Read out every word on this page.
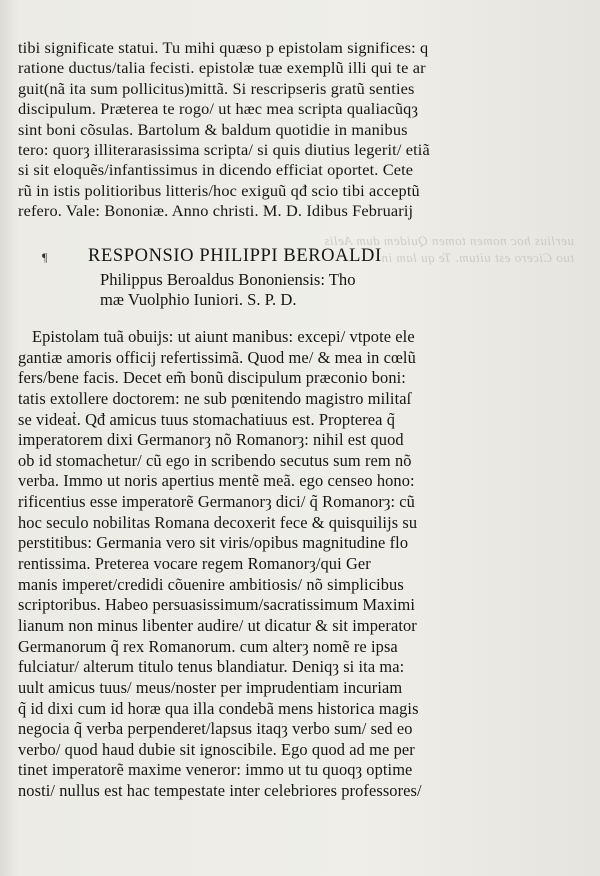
uerlius hoc nomen tomen Quidem dum Aelis
tuo Cicero est uitum. Te qu lam in
tibi significate statui. Tu mihi quæso p epistolam significes: q
ratione ductus/talia fecisti. epistolæ tuæ exemplũ illi qui te ar
guit(nã ita sum pollicitus)mittã. Si rescripseris gratũ senties
discipulum. Præterea te rogo/ ut hæc mea scripta qualiacũqȝ
sint boni cõsulas. Bartolum & baldum quotidie in manibus
tero: quorȝ illiterarasissima scripta/ si quis diutius legerit/ etiã
si sit eloquẽs/infantissimus in dicendo efficiat oportet. Cete
rũ in istis politioribus litteris/hoc exiguũ qđ scio tibi acceptũ
refero. Vale: Bononiæ. Anno christi. M. D. Idibus Februarij
¶ RESPONSIO PHILIPPI BEROALDI
Philippus Beroaldus Bononiensis: Tho
mæ Vuolphio Iuniori. S. P. D.
Epistolam tuã obuijs: ut aiunt manibus: excepi/ vtpote ele
gantiæ amoris officij refertissimã. Quod me/ & mea in cœlũ
fers/bene facis. Decet em̃ bonũ discipulum præconio boni:
tatis extollere doctorem: ne sub pœnitendo magistro militaſ
se videaṫ. Qđ amicus tuus stomachatiuus est. Propterea q̃
imperatorem dixi Germanorȝ nõ Romanorȝ: nihil est quod
ob id stomachetur/ cũ ego in scribendo secutus sum rem nõ
verba. Immo ut noris apertius mentẽ meã. ego censeo hono:
rificentius esse imperatorẽ Germanorȝ dici/ q̃ Romanorȝ: cũ
hoc seculo nobilitas Romana decoxerit fece & quisquilijs su
perstitibus: Germania vero sit viris/opibus magnitudine flo
rentissima. Preterea vocare regem Romanorȝ/qui Ger
manis imperet/credidi cõuenire ambitiosis/ nõ simplicibus
scriptoribus. Habeo persuasissimum/sacratissimum Maximi
lianum non minus libenter audire/ ut dicatur & sit imperator
Germanorum q̃ rex Romanorum. cum alterȝ nomẽ re ipsa
fulciatur/ alterum titulo tenus blandiatur. Deniqȝ si ita ma:
uult amicus tuus/ meus/noster per imprudentiam incuriam
q̃ id dixi cum id horæ qua illa condebã mens historica magis
negocia q̃ verba perpenderet/lapsus itaqȝ verbo sum/ sed eo
verbo/ quod haud dubie sit ignoscibile. Ego quod ad me per
tinet imperatorẽ maxime veneror: immo ut tu quoqȝ optime
nosti/ nullus est hac tempestate inter celebriores professores/
